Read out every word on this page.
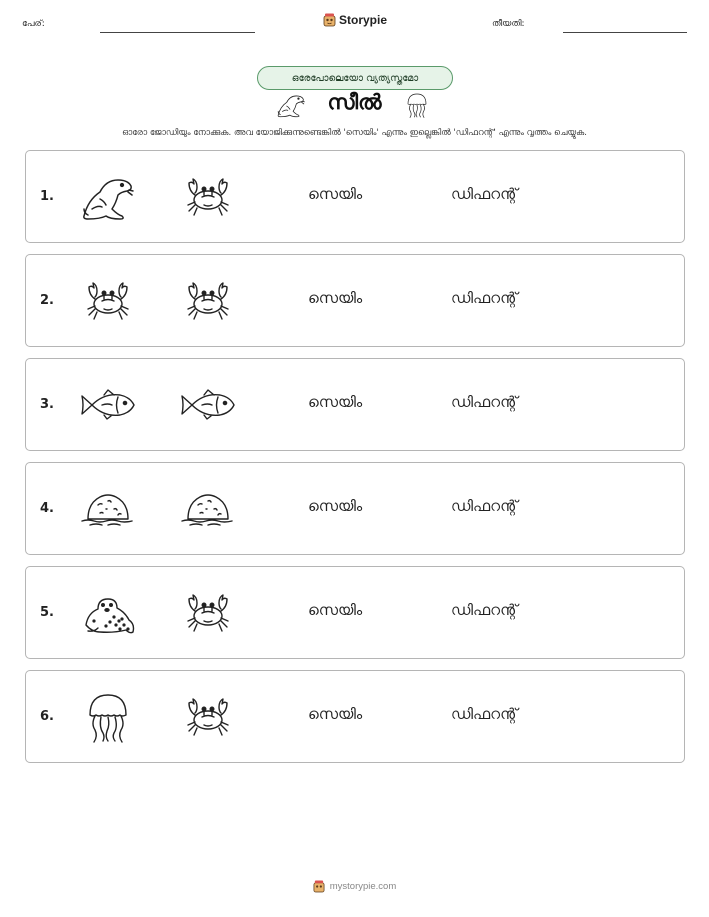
പേര്:	Storypie	തീയതി:
ഒരേപോലെയോ വ്യത്യസ്തമോ
സീൽ
ഓരോ ജോഡിയും നോക്കുക. അവ യോജിക്കുന്നുണ്ടെങ്കിൽ 'സെയിം' എന്നും ഇല്ലെങ്കിൽ 'ഡിഫറന്റ്' എന്നും വൃത്തം ചെയ്യുക.
1.	സെയിം	ഡിഫറന്റ്
2.	സെയിം	ഡിഫറന്റ്
3.	സെയിം	ഡിഫറന്റ്
4.	സെയിം	ഡിഫറന്റ്
5.	സെയിം	ഡിഫറന്റ്
6.	സെയിം	ഡിഫറന്റ്
mystorypie.com
